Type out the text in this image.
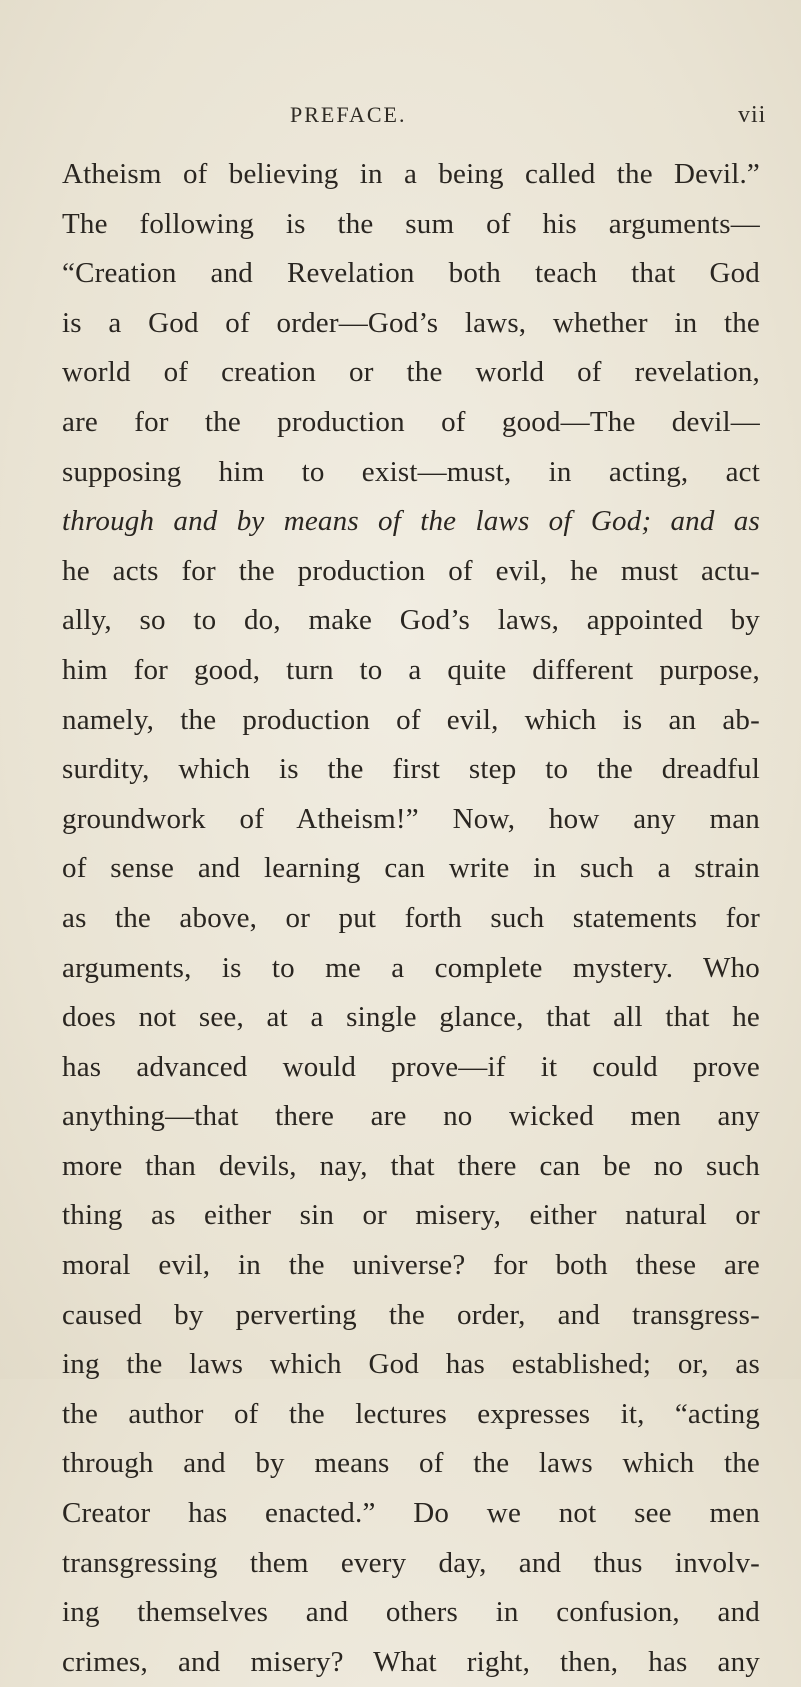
PREFACE.	vii
Atheism of believing in a being called the Devil.”
The following is the sum of his arguments—
“Creation and Revelation both teach that God
is a God of order—God’s laws, whether in the
world of creation or the world of revelation,
are for the production of good—The devil—
supposing him to exist—must, in acting, act
through and by means of the laws of God; and as
he acts for the production of evil, he must actu-
ally, so to do, make God’s laws, appointed by
him for good, turn to a quite different purpose,
namely, the production of evil, which is an ab-
surdity, which is the first step to the dreadful
groundwork of Atheism!” Now, how any man
of sense and learning can write in such a strain
as the above, or put forth such statements for
arguments, is to me a complete mystery. Who
does not see, at a single glance, that all that he
has advanced would prove—if it could prove
anything—that there are no wicked men any
more than devils, nay, that there can be no such
thing as either sin or misery, either natural or
moral evil, in the universe? for both these are
caused by perverting the order, and transgress-
ing the laws which God has established; or, as
the author of the lectures expresses it, “acting
through and by means of the laws which the
Creator has enacted.” Do we not see men
transgressing them every day, and thus involv-
ing themselves and others in confusion, and
crimes, and misery? What right, then, has any
